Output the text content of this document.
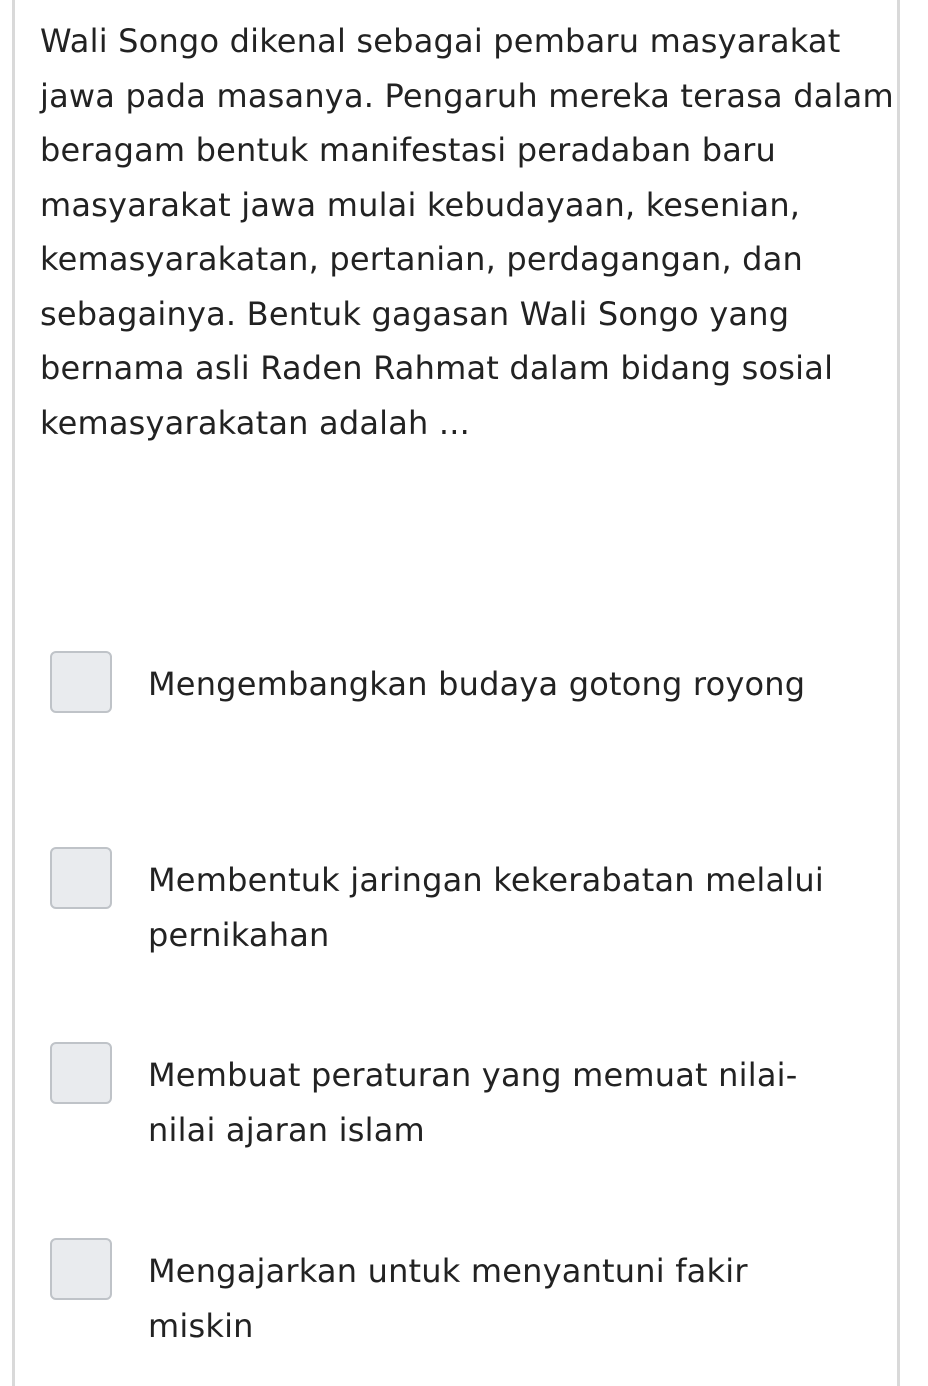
Wali Songo dikenal sebagai pembaru masyarakat jawa pada masanya. Pengaruh mereka terasa dalam beragam bentuk manifestasi peradaban baru masyarakat jawa mulai kebudayaan, kesenian, kemasyarakatan, pertanian, perdagangan, dan sebagainya. Bentuk gagasan Wali Songo yang bernama asli Raden Rahmat dalam bidang sosial kemasyarakatan adalah ...

Mengembangkan budaya gotong royong
Membentuk jaringan kekerabatan melalui pernikahan
Membuat peraturan yang memuat nilai-nilai ajaran islam
Mengajarkan untuk menyantuni fakir miskin
